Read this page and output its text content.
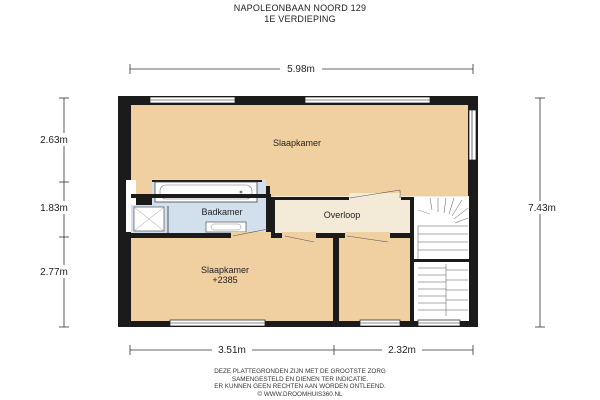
NAPOLEONBAAN NOORD 129
1E VERDIEPING
5.98m
2.63m
1.83m
2.77m
7.43m
3.51m	2.32m
Slaapkamer
Badkamer	Overloop
Slaapkamer
+2385
DEZE PLATTEGRONDEN ZIJN MET DE GROOTSTE ZORG
SAMENGESTELD EN DIENEN TER INDICATIE.
ER KUNNEN GEEN RECHTEN AAN WORDEN ONTLEEND.
© WWW.DROOMHUIS360.NL
